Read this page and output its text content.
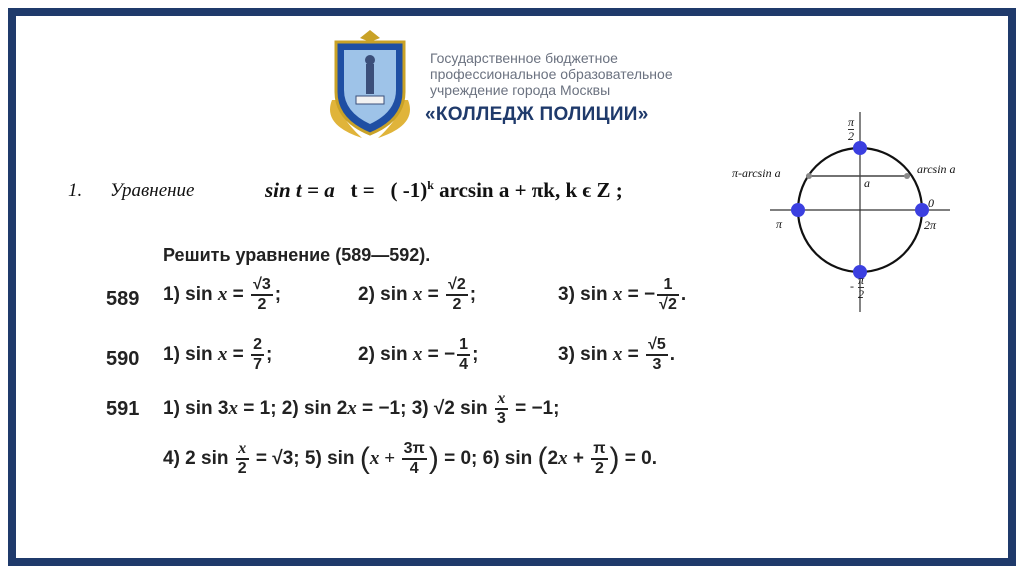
Государственное бюджетное
профессиональное образовательное
учреждение города Москвы
«КОЛЛЕДЖ ПОЛИЦИИ»
1. Уравнение	sin t = a t = ( -1)$^k$ arcsin a + πk, k ϵ Z ;
$\frac{\pi}{2}$
- π
2
π-arcsin a	arcsin a
a
0
2π
π
Решить уравнение (589—592).
589 1) $\sin x = \frac{√3}{2}$ ;	2) $\sin x = \frac{√2}{2}$ ;	3) sin x = − $\frac{1}{√2}$ .
590 1) $\sin x = \frac{2}{7}$ ;	2) sin x = − $\frac{1}{4}$ ;	3) $\sin x = \frac{√5}{3}$ .
591 1) sin 3x = 1; 2) sin 2x = −1; 3) √2 $\sin \frac{x}{3} = -1$;
4) 2 $\sin \frac{x}{2} = √3$; 5) $\sin (x + \frac{3\pi}{4}$ ) = 0; 6) $\sin (2x + \frac{\pi}{2}$ ) = 0.
